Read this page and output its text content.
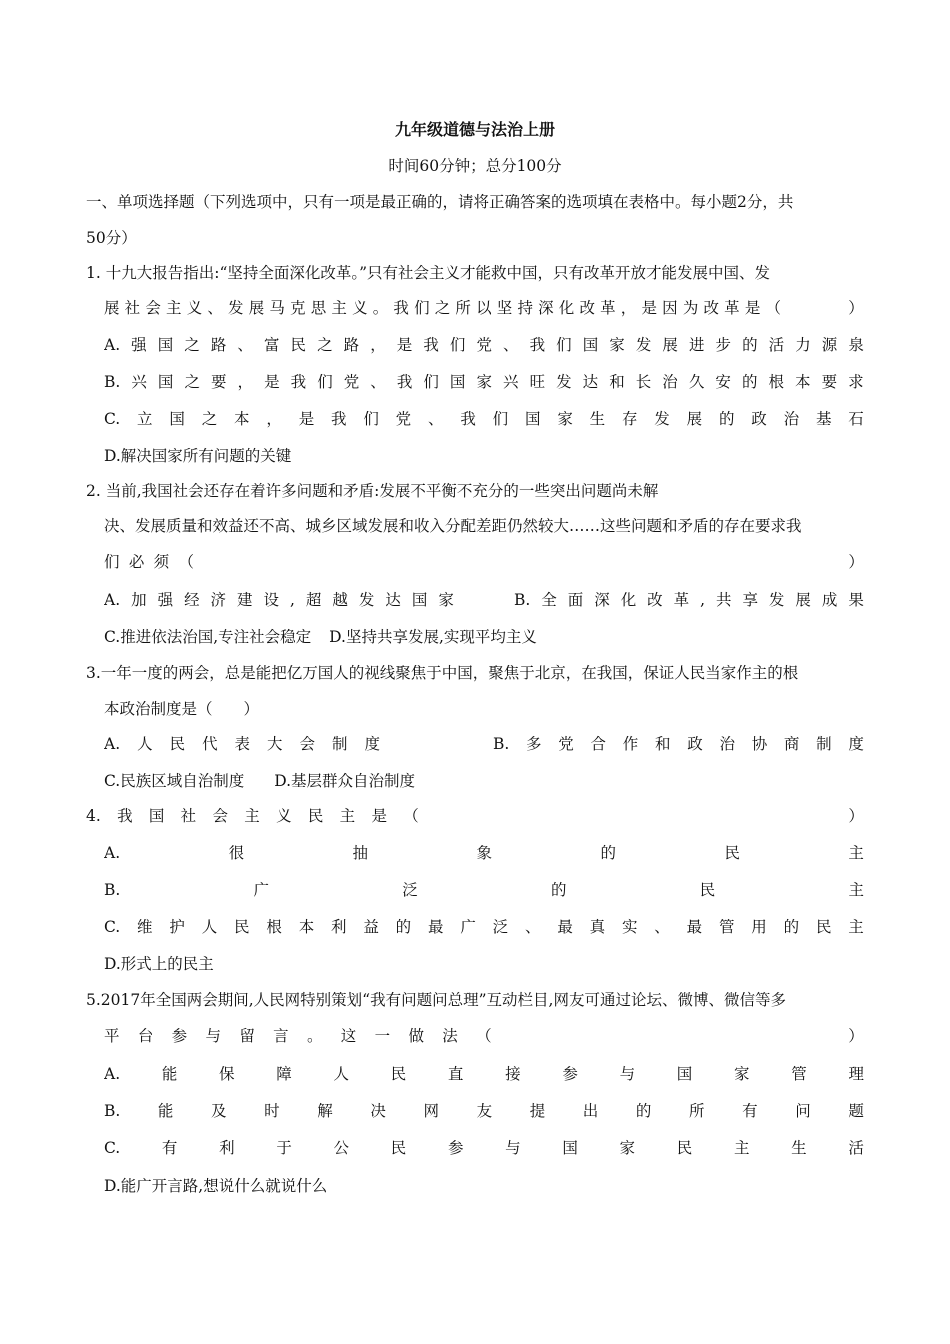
九年级道德与法治上册
时间60分钟；总分100分
一、单项选择题（下列选项中，只有一项是最正确的，请将正确答案的选项填在表格中。每小题2分，共
50分）
1. 十九大报告指出:“坚持全面深化改革。”只有社会主义才能救中国，只有改革开放才能发展中国、发
展 社 会 主 义 、 发 展 马 克 思 主 义 。 我 们 之 所 以 坚 持 深 化 改 革 ， 是 因 为 改 革 是 （

　	）
A. 强 国 之 路 、 富 民 之 路 ， 是 我 们 党 、 我 们 国 家 发 展 进 步 的 活 力 源 泉
B. 兴 国 之 要 ， 是 我 们 党 、 我 们 国 家 兴 旺 发 达 和 长 治 久 安 的 根 本 要 求
C. 立 国 之 本 ， 是 我 们 党 、 我 们 国 家 生 存 发 展 的 政 治 基 石
D.解决国家所有问题的关键
2. 当前,我国社会还存在着许多问题和矛盾:发展不平衡不充分的一些突出问题尚未解
决、发展质量和效益还不高、城乡区域发展和收入分配差距仍然较大……这些问题和矛盾的存在要求我
们 必 须 （

　	）
A. 加 强 经 济 建 设 , 超 越 发 达 国 家	B. 全 面 深 化 改 革 , 共 享 发 展 成 果
C.推进依法治国,专注社会稳定 D.坚持共享发展,实现平均主义
3.一年一度的两会，总是能把亿万国人的视线聚焦于中国，聚焦于北京，在我国，保证人民当家作主的根
本政治制度是（　　）
A. 人 民 代 表 大 会 制 度	B. 多 党 合 作 和 政 治 协 商 制 度
C.民族区域自治制度 D.基层群众自治制度
4. 我 国 社 会 主 义 民 主 是 （

　	）
A.	很	抽	象	的	民	主
B.	广	泛	的	民	主
C. 维 护 人 民 根 本 利 益 的 最 广 泛 、 最 真 实 、 最 管 用 的 民 主
D.形式上的民主
5.2017年全国两会期间,人民网特别策划“我有问题问总理”互动栏目,网友可通过论坛、微博、微信等多
平 台 参 与 留 言 。 这 一 做 法 （

　	）
A.	能	保	障	人	民	直	接	参	与	国	家	管	理
B. 能 及 时 解 决 网 友 提 出 的 所 有 问 题
C.	有	利	于	公	民	参	与	国	家	民	主	生	活
D.能广开言路,想说什么就说什么
